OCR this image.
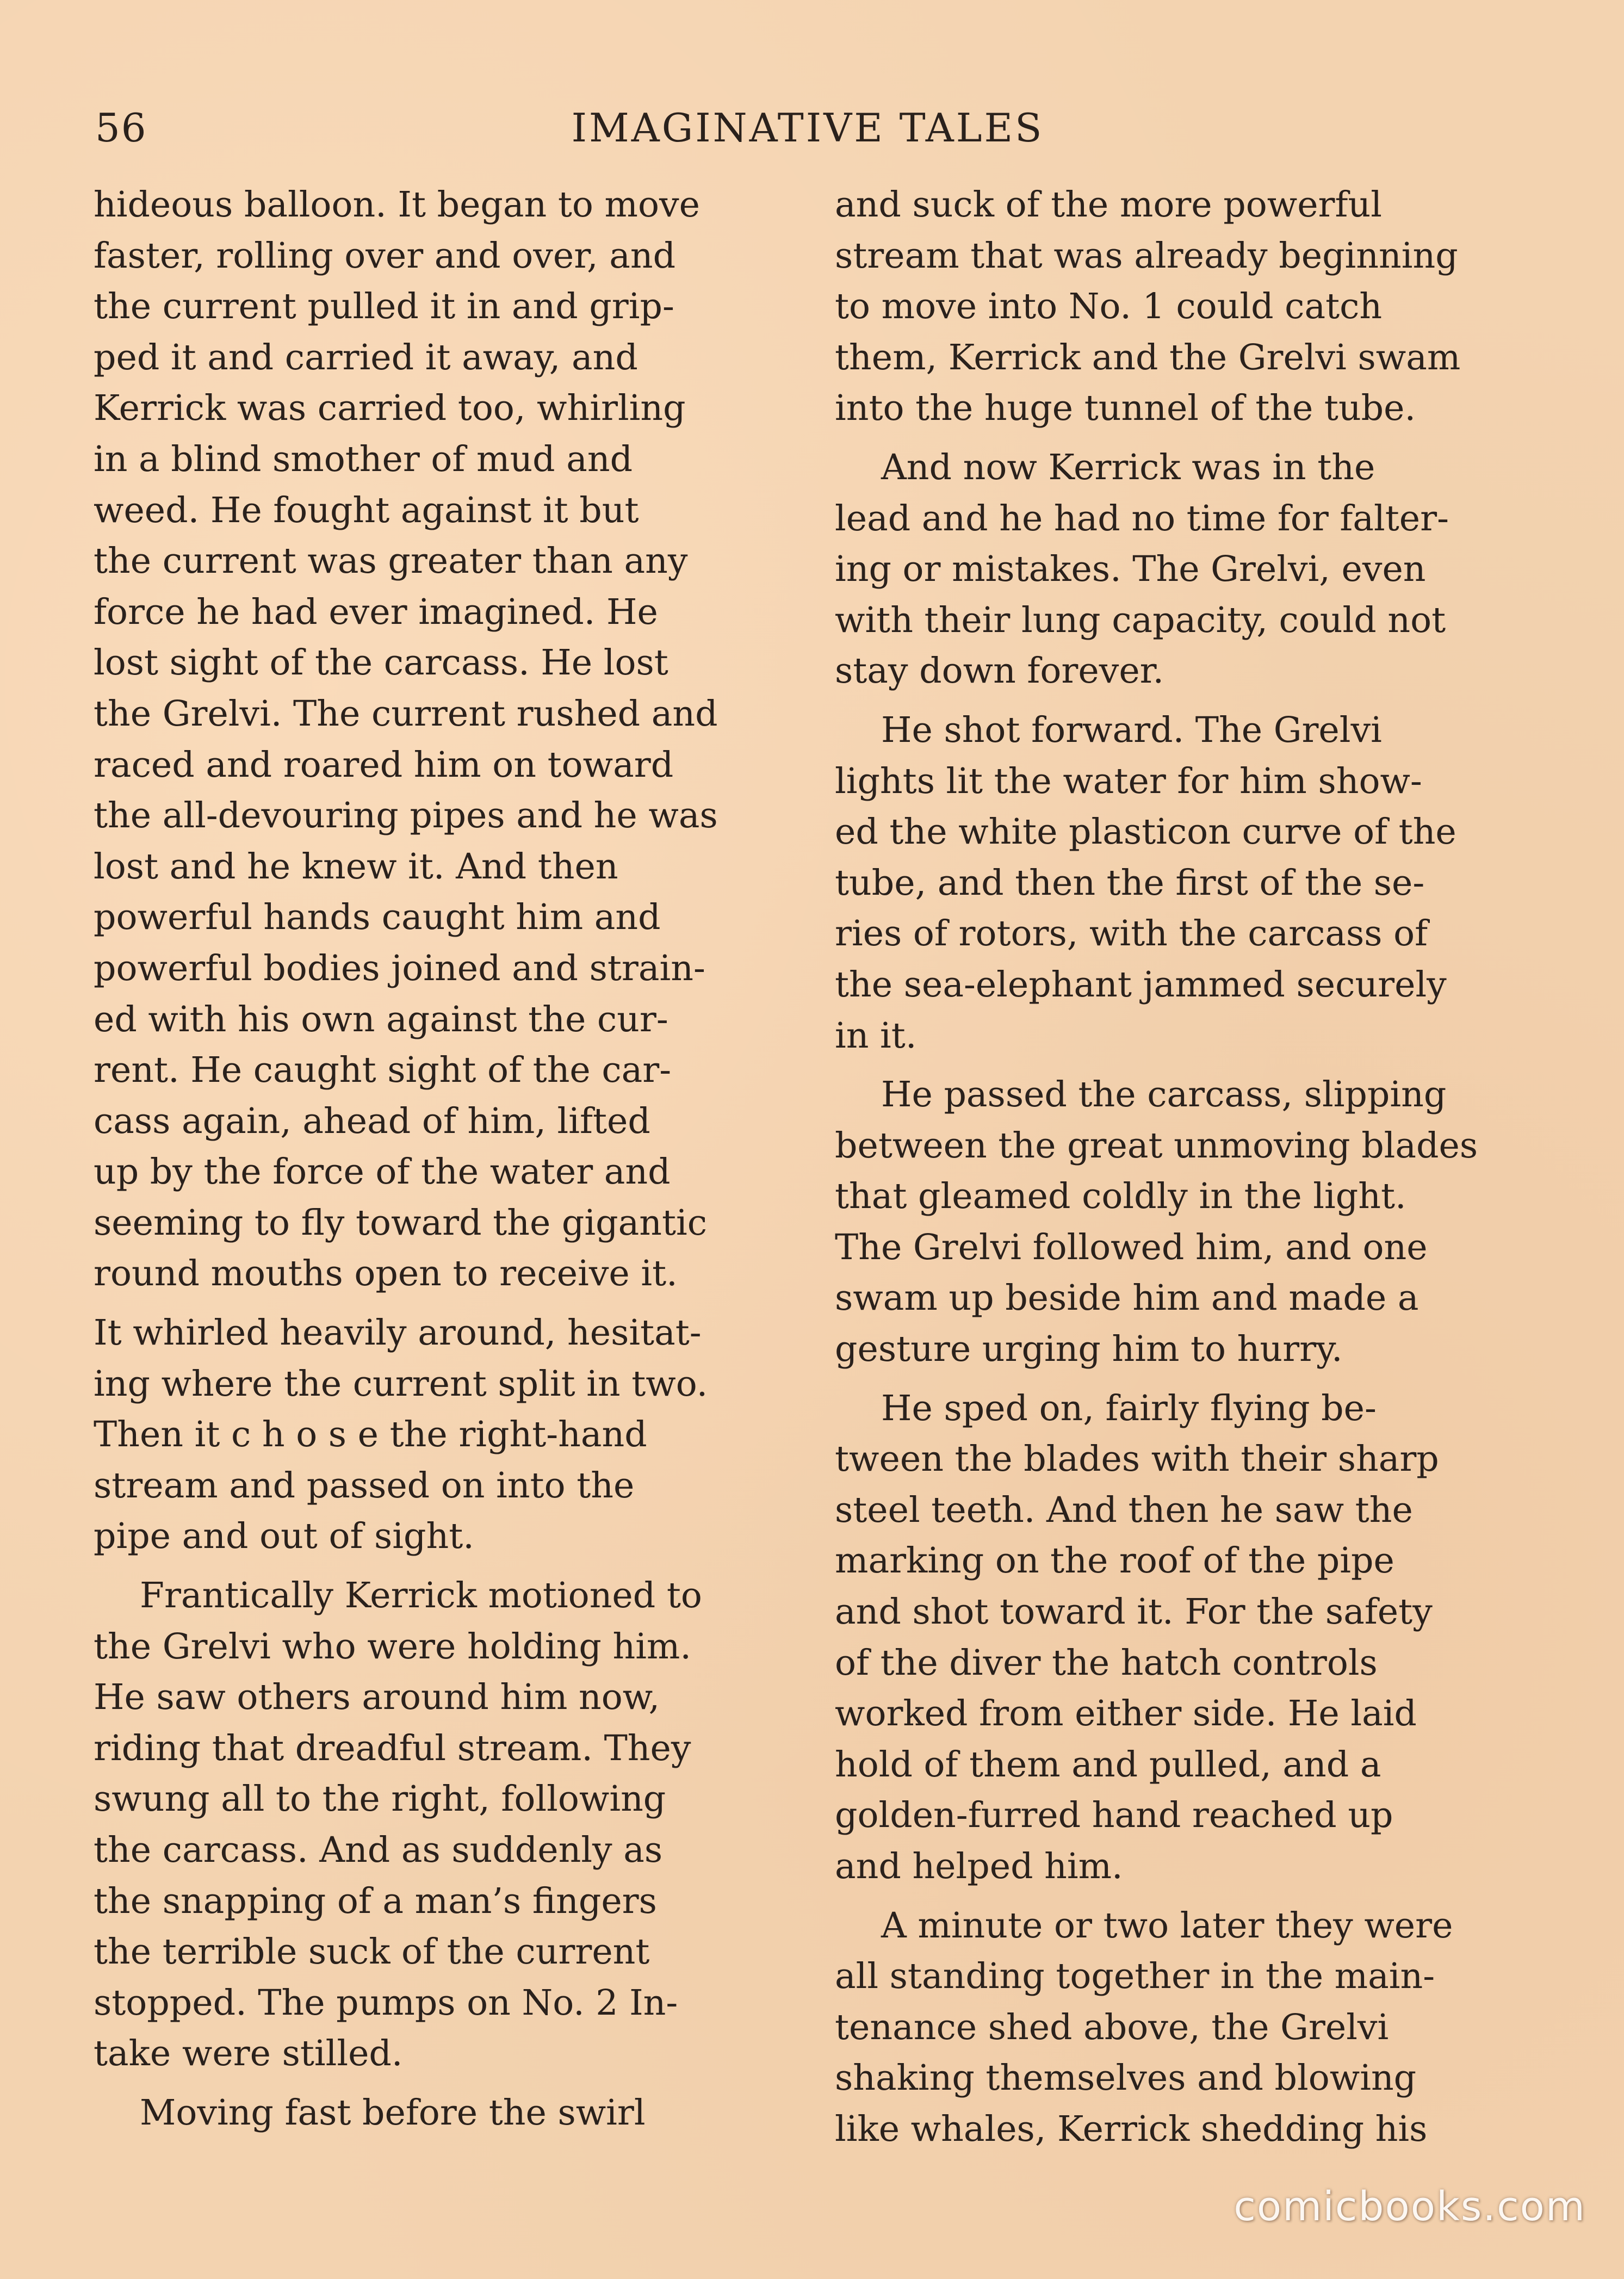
56	IMAGINATIVE TALES

hideous balloon. It began to move
faster, rolling over and over, and
the current pulled it in and grip-
ped it and carried it away, and
Kerrick was carried too, whirling
in a blind smother of mud and
weed. He fought against it but
the current was greater than any
force he had ever imagined. He
lost sight of the carcass. He lost
the Grelvi. The current rushed and
raced and roared him on toward
the all-devouring pipes and he was
lost and he knew it. And then
powerful hands caught him and
powerful bodies joined and strain-
ed with his own against the cur-
rent. He caught sight of the car-
cass again, ahead of him, lifted
up by the force of the water and
seeming to fly toward the gigantic
round mouths open to receive it.

It whirled heavily around, hesitat-
ing where the current split in two.
Then it c h o s e the right-hand
stream and passed on into the
pipe and out of sight.

Frantically Kerrick motioned to
the Grelvi who were holding him.
He saw others around him now,
riding that dreadful stream. They
swung all to the right, following
the carcass. And as suddenly as
the snapping of a man’s fingers
the terrible suck of the current
stopped. The pumps on No. 2 In-
take were stilled.

Moving fast before the swirl

and suck of the more powerful
stream that was already beginning
to move into No. 1 could catch
them, Kerrick and the Grelvi swam
into the huge tunnel of the tube.

And now Kerrick was in the
lead and he had no time for falter-
ing or mistakes. The Grelvi, even
with their lung capacity, could not
stay down forever.

He shot forward. The Grelvi
lights lit the water for him show-
ed the white plasticon curve of the
tube, and then the first of the se-
ries of rotors, with the carcass of
the sea-elephant jammed securely
in it.

He passed the carcass, slipping
between the great unmoving blades
that gleamed coldly in the light.
The Grelvi followed him, and one
swam up beside him and made a
gesture urging him to hurry.

He sped on, fairly flying be-
tween the blades with their sharp
steel teeth. And then he saw the
marking on the roof of the pipe
and shot toward it. For the safety
of the diver the hatch controls
worked from either side. He laid
hold of them and pulled, and a
golden-furred hand reached up
and helped him.

A minute or two later they were
all standing together in the main-
tenance shed above, the Grelvi
shaking themselves and blowing
like whales, Kerrick shedding his

comicbooks.com
